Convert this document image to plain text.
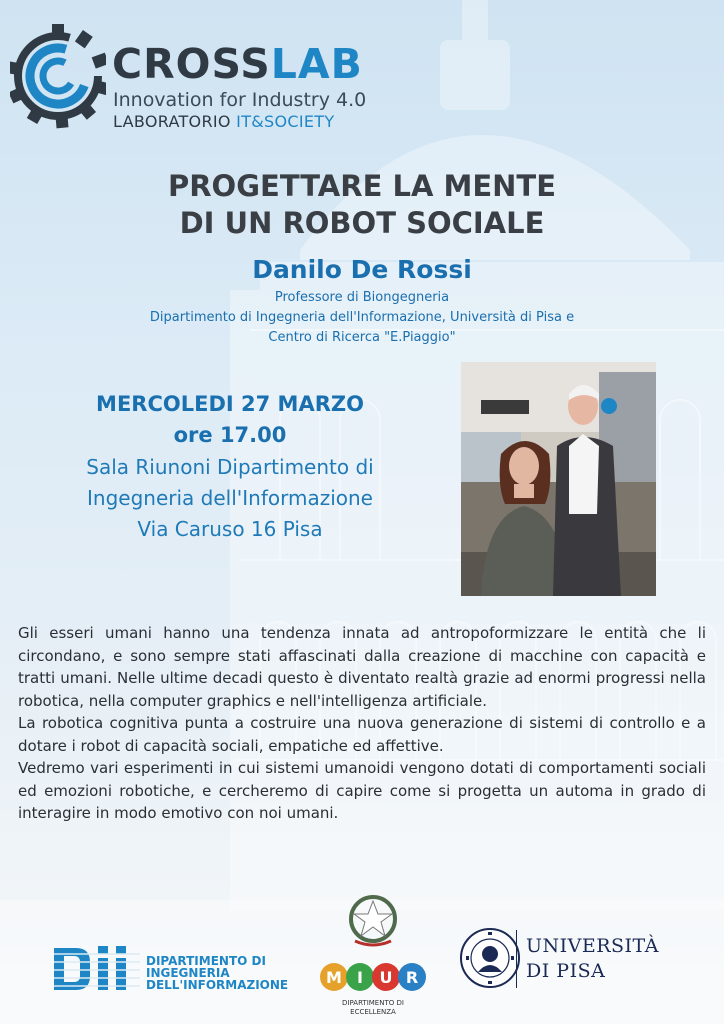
CROSSLAB
Innovation for Industry 4.0
LABORATORIO IT&SOCIETY
PROGETTARE LA MENTE
DI UN ROBOT SOCIALE
Danilo De Rossi
Professore di Biongegneria
Dipartimento di Ingegneria dell'Informazione, Università di Pisa e
Centro di Ricerca "E.Piaggio"
MERCOLEDI 27 MARZO
ore 17.00
Sala Riunoni Dipartimento di
Ingegneria dell'Informazione
Via Caruso 16 Pisa

Gli esseri umani hanno una tendenza innata ad antropoformizzare le entità che li circondano, e sono sempre stati affascinati dalla creazione di macchine con capacità e tratti umani. Nelle ultime decadi questo è diventato realtà grazie ad enormi progressi nella robotica, nella computer graphics e nell'intelligenza artificiale.

La robotica cognitiva punta a costruire una nuova generazione di sistemi di controllo e a dotare i robot di capacità sociali, empatiche ed affettive.

Vedremo vari esperimenti in cui sistemi umanoidi vengono dotati di comportamenti sociali ed emozioni robotiche, e cercheremo di capire come si progetta un automa in grado di interagire in modo emotivo con noi umani.

DIPARTIMENTO DI
INGEGNERIA
DELL'INFORMAZIONE M I U R
DIPARTIMENTO DI
ECCELLENZA
UNIVERSITÀ
DI PISA
